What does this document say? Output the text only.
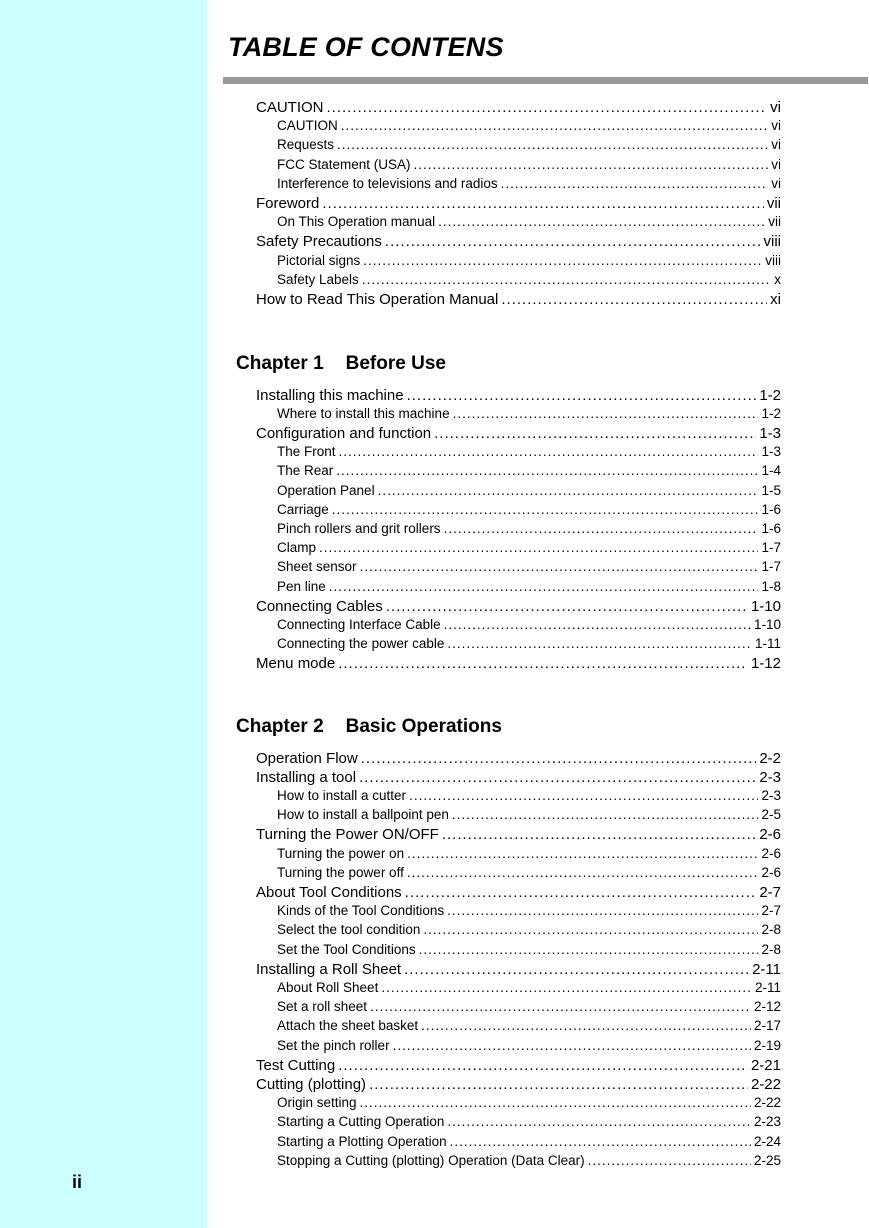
ii
TABLE OF CONTENS
CAUTION .....	vi
CAUTION .....	vi
Requests .....	vi
FCC Statement (USA) .....	vi
Interference to televisions and radios .....	vi
Foreword .....	vii
On This Operation manual .....	vii
Safety Precautions .....	viii
Pictorial signs .....	viii
Safety Labels .....	x
How to Read This Operation Manual .....	xi
Chapter 1 Before Use
Installing this machine .....	1-2
Where to install this machine .....	1-2
Configuration and function .....	1-3
The Front .....	1-3
The Rear .....	1-4
Operation Panel .....	1-5
Carriage .....	1-6
Pinch rollers and grit rollers .....	1-6
Clamp .....	1-7
Sheet sensor .....	1-7
Pen line .....	1-8
Connecting Cables .....	1-10
Connecting Interface Cable .....	1-10
Connecting the power cable .....	1-11
Menu mode .....	1-12
Chapter 2 Basic Operations
Operation Flow .....	2-2
Installing a tool .....	2-3
How to install a cutter .....	2-3
How to install a ballpoint pen .....	2-5
Turning the Power ON/OFF .....	2-6
Turning the power on .....	2-6
Turning the power off .....	2-6
About Tool Conditions .....	2-7
Kinds of the Tool Conditions .....	2-7
Select the tool condition .....	2-8
Set the Tool Conditions .....	2-8
Installing a Roll Sheet .....	2-11
About Roll Sheet .....	2-11
Set a roll sheet .....	2-12
Attach the sheet basket .....	2-17
Set the pinch roller .....	2-19
Test Cutting .....	2-21
Cutting (plotting) .....	2-22
Origin setting .....	2-22
Starting a Cutting Operation .....	2-23
Starting a Plotting Operation .....	2-24
Stopping a Cutting (plotting) Operation (Data Clear) .....	2-25
